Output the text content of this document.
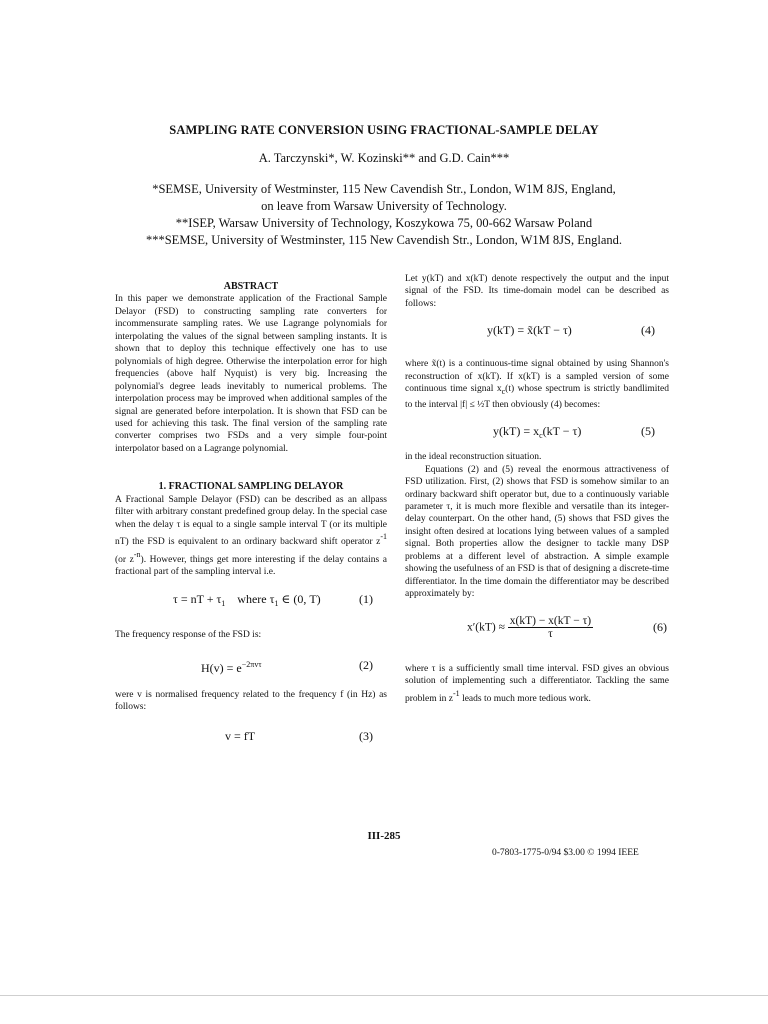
SAMPLING RATE CONVERSION USING FRACTIONAL-SAMPLE DELAY
A. Tarczynski*, W. Kozinski** and G.D. Cain***
*SEMSE, University of Westminster, 115 New Cavendish Str., London, W1M 8JS, England,
on leave from Warsaw University of Technology.
**ISEP, Warsaw University of Technology, Koszykowa 75, 00-662 Warsaw Poland
***SEMSE, University of Westminster, 115 New Cavendish Str., London, W1M 8JS, England.
ABSTRACT

In this paper we demonstrate application of the Fractional Sample Delayor (FSD) to constructing sampling rate converters for incommensurate sampling rates. We use Lagrange polynomials for interpolating the values of the signal between sampling instants. It is shown that to deploy this technique effectively one has to use polynomials of high degree. Otherwise the interpolation error for high frequencies (above half Nyquist) is very big. Increasing the polynomial's degree leads inevitably to numerical problems. The interpolation process may be improved when additional samples of the signal are generated before interpolation. It is shown that FSD can be used for achieving this task. The final version of the sampling rate converter comprises two FSDs and a very simple four-point interpolator based on a Lagrange polynomial.

1. FRACTIONAL SAMPLING DELAYOR

A Fractional Sample Delayor (FSD) can be described as an allpass filter with arbitrary constant predefined group delay. In the special case when the delay τ is equal to a single sample interval T (or its multiple nT) the FSD is equivalent to an ordinary backward shift operator $z^{-1}$ (or $z^{-n}$). However, things get more interesting if the delay contains a fractional part of the sampling interval i.e.

τ = nT + $\tau_1$    where $\tau_1$ ∈ (0, T)	(1)

The frequency response of the FSD is:

$H(v) = e^{-2\pi v\tau}$	(2)

were v is normalised frequency related to the frequency f (in Hz) as follows:

v = fT	(3)

Let y(kT) and x(kT) denote respectively the output and the input signal of the FSD. Its time-domain model can be described as follows:

y(kT) = x̃(kT − τ)	(4)

where x̃(t) is a continuous-time signal obtained by using Shannon's reconstruction of x(kT). If x(kT) is a sampled version of some continuous time signal $x_c(t)$ whose spectrum is strictly bandlimited to the interval |f| ≤ ½T then obviously (4) becomes:

$y(kT) = x_c(kT - \tau)$	(5)

in the ideal reconstruction situation.

Equations (2) and (5) reveal the enormous attractiveness of FSD utilization. First, (2) shows that FSD is somehow similar to an ordinary backward shift operator but, due to a continuously variable parameter τ, it is much more flexible and versatile than its integer-delay counterpart. On the other hand, (5) shows that FSD gives the insight often desired at locations lying between values of a sampled signal. Both properties allow the designer to tackle many DSP problems at a different level of abstraction. A simple example showing the usefulness of an FSD is that of designing a discrete-time differentiator. In the time domain the differentiator may be described approximately by:

$x'(kT) \approx \frac{x(kT) - x(kT - \tau)}{\tau}$	(6)

where τ is a sufficiently small time interval. FSD gives an obvious solution of implementing such a differentiator. Tackling the same problem in $z^{-1}$ leads to much more tedious work.

III-285
0-7803-1775-0/94 $3.00 © 1994 IEEE
